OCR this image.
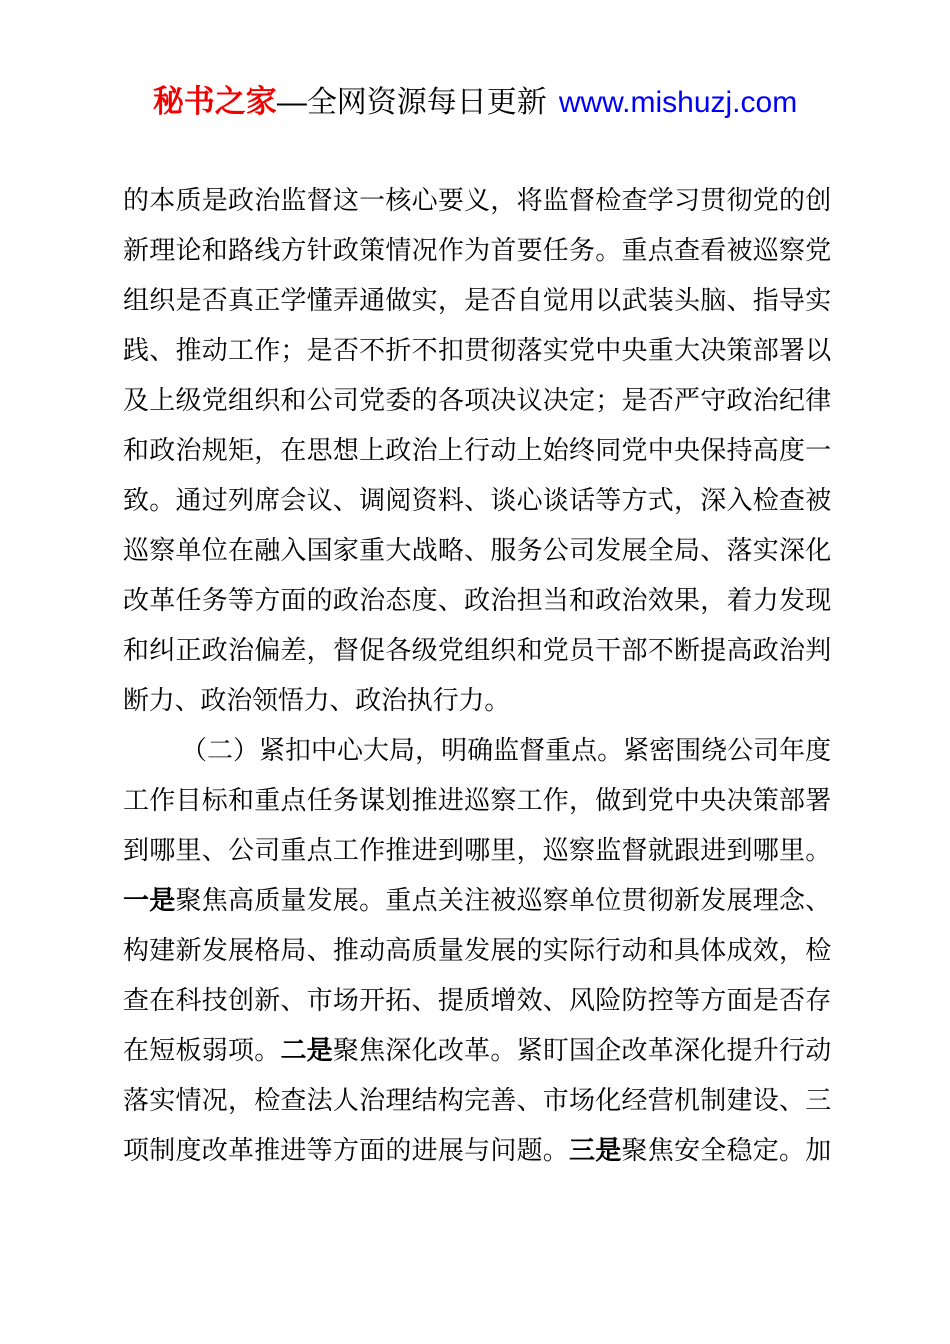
秘书之家—全网资源每日更新 www.mishuzj.com
的本质是政治监督这一核心要义，将监督检查学习贯彻党的创
新理论和路线方针政策情况作为首要任务。重点查看被巡察党
组织是否真正学懂弄通做实，是否自觉用以武装头脑、指导实
践、推动工作；是否不折不扣贯彻落实党中央重大决策部署以
及上级党组织和公司党委的各项决议决定；是否严守政治纪律
和政治规矩，在思想上政治上行动上始终同党中央保持高度一
致。通过列席会议、调阅资料、谈心谈话等方式，深入检查被
巡察单位在融入国家重大战略、服务公司发展全局、落实深化
改革任务等方面的政治态度、政治担当和政治效果，着力发现
和纠正政治偏差，督促各级党组织和党员干部不断提高政治判
断力、政治领悟力、政治执行力。
（二）紧扣中心大局，明确监督重点。紧密围绕公司年度
工作目标和重点任务谋划推进巡察工作，做到党中央决策部署
到哪里、公司重点工作推进到哪里，巡察监督就跟进到哪里。
一是聚焦高质量发展。重点关注被巡察单位贯彻新发展理念、
构建新发展格局、推动高质量发展的实际行动和具体成效，检
查在科技创新、市场开拓、提质增效、风险防控等方面是否存
在短板弱项。二是聚焦深化改革。紧盯国企改革深化提升行动
落实情况，检查法人治理结构完善、市场化经营机制建设、三
项制度改革推进等方面的进展与问题。三是聚焦安全稳定。加
